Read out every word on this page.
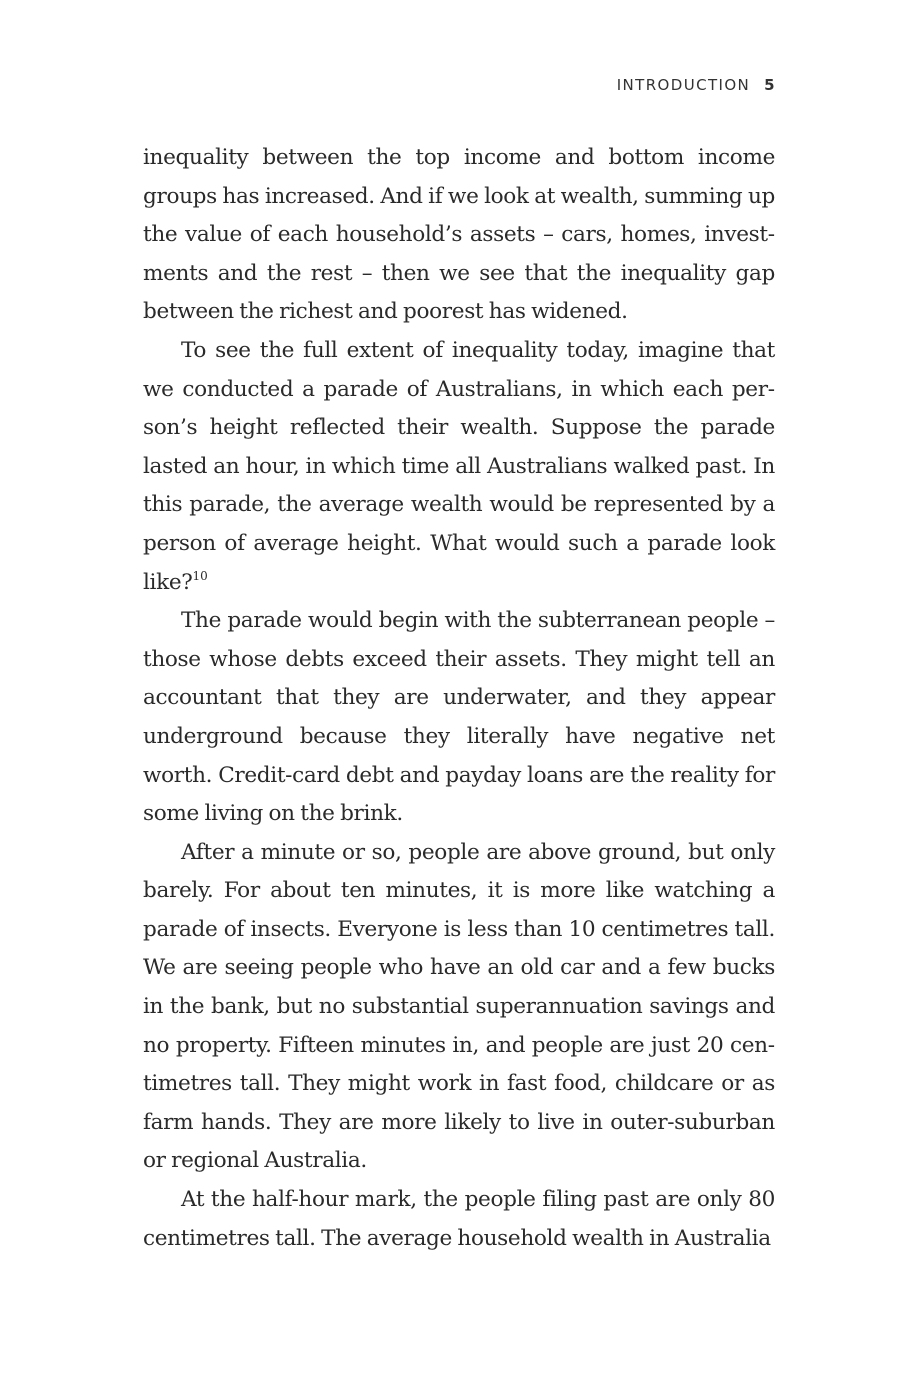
INTRODUCTION 5

inequality between the top income and bottom income groups has increased. And if we look at wealth, summing up the value of each household’s assets – cars, homes, investments and the rest – then we see that the inequality gap between the richest and poorest has widened.

To see the full extent of inequality today, imagine that we conducted a parade of Australians, in which each person’s height reflected their wealth. Suppose the parade lasted an hour, in which time all Australians walked past. In this parade, the average wealth would be represented by a person of average height. What would such a parade look like?$^{10}$

The parade would begin with the subterranean people – those whose debts exceed their assets. They might tell an accountant that they are underwater, and they appear underground because they literally have negative net worth. Credit-card debt and payday loans are the reality for some living on the brink.

After a minute or so, people are above ground, but only barely. For about ten minutes, it is more like watching a parade of insects. Everyone is less than 10 centimetres tall. We are seeing people who have an old car and a few bucks in the bank, but no substantial superannuation savings and no property. Fifteen minutes in, and people are just 20 centimetres tall. They might work in fast food, childcare or as farm hands. They are more likely to live in outer-suburban or regional Australia.

At the half-hour mark, the people filing past are only 80 centimetres tall. The average household wealth in Australia
